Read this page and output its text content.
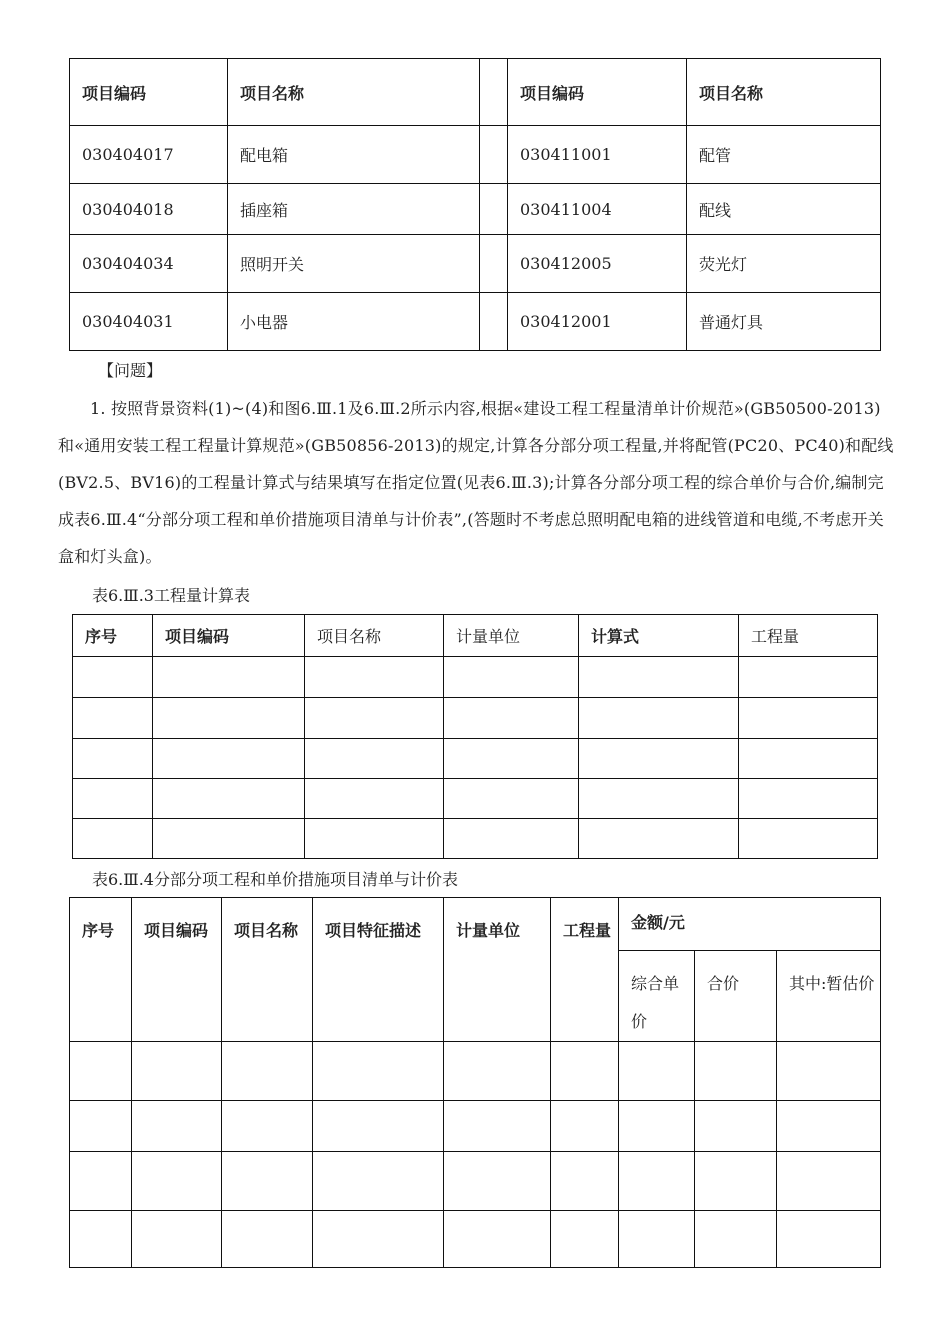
项目编码	项目名称		项目编码	项目名称
030404017	配电箱		030411001	配管
030404018	插座箱		030411004	配线
030404034	照明开关		030412005	荧光灯
030404031	小电器		030412001	普通灯具
【问题】
1. 按照背景资料(1)~(4)和图6.Ⅲ.1及6.Ⅲ.2所示内容,根据«建设工程工程量清单计价规范»(GB50500-2013)和«通用安装工程工程量计算规范»(GB50856-2013)的规定,计算各分部分项工程量,并将配管(PC20、PC40)和配线(BV2.5、BV16)的工程量计算式与结果填写在指定位置(见表6.Ⅲ.3);计算各分部分项工程的综合单价与合价,编制完成表6.Ⅲ.4“分部分项工程和单价措施项目清单与计价表”,(答题时不考虑总照明配电箱的进线管道和电缆,不考虑开关盒和灯头盒)。
表6.Ⅲ.3工程量计算表
序号	项目编码	项目名称	计量单位	计算式	工程量

表6.Ⅲ.4分部分项工程和单价措施项目清单与计价表
序号	项目编码	项目名称	项目特征描述	计量单位	工程量	金额/元			
						综合单价	合价	其中:暂估价	
